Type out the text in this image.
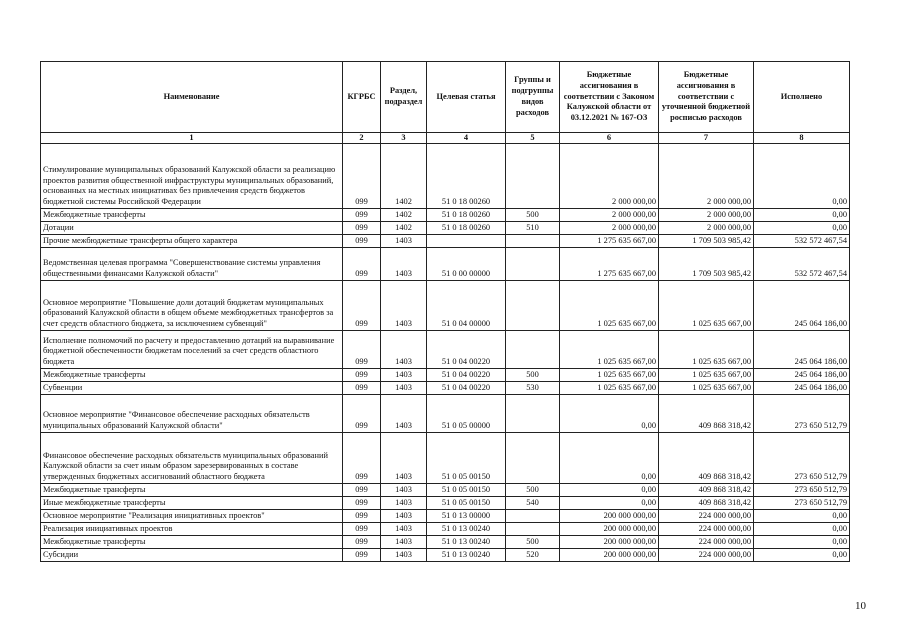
Наименование	КГРБС	Раздел, подраздел	Целевая статья	Группы и подгруппы видов расходов	Бюджетные ассигнования в соответствии с Законом Калужской области от 03.12.2021 № 167-ОЗ	Бюджетные ассигнования в соответствии с уточненной бюджетной росписью расходов	Исполнено
1	2	3	4	5	6	7	8
Стимулирование муниципальных образований Калужской области за реализацию проектов развития общественной инфраструктуры муниципальных образований, основанных на местных инициативах без привлечения средств бюджетов бюджетной системы Российской Федерации	099	1402	51 0 18 00260		2 000 000,00	2 000 000,00	0,00
Межбюджетные трансферты	099	1402	51 0 18 00260	500	2 000 000,00	2 000 000,00	0,00
Дотации	099	1402	51 0 18 00260	510	2 000 000,00	2 000 000,00	0,00
Прочие межбюджетные трансферты общего характера	099	1403			1 275 635 667,00	1 709 503 985,42	532 572 467,54
Ведомственная целевая программа "Совершенствование системы управления общественными финансами Калужской области"	099	1403	51 0 00 00000		1 275 635 667,00	1 709 503 985,42	532 572 467,54
Основное мероприятие "Повышение доли дотаций бюджетам муниципальных образований Калужской области в общем объеме межбюджетных трансфертов за счет средств областного бюджета, за исключением субвенций"	099	1403	51 0 04 00000		1 025 635 667,00	1 025 635 667,00	245 064 186,00
Исполнение полномочий по расчету и предоставлению дотаций на выравнивание бюджетной обеспеченности бюджетам поселений за счет средств областного бюджета	099	1403	51 0 04 00220		1 025 635 667,00	1 025 635 667,00	245 064 186,00
Межбюджетные трансферты	099	1403	51 0 04 00220	500	1 025 635 667,00	1 025 635 667,00	245 064 186,00
Субвенции	099	1403	51 0 04 00220	530	1 025 635 667,00	1 025 635 667,00	245 064 186,00
Основное мероприятие "Финансовое обеспечение расходных обязательств муниципальных образований Калужской области"	099	1403	51 0 05 00000		0,00	409 868 318,42	273 650 512,79
Финансовое обеспечение расходных обязательств муниципальных образований Калужской области за счет иным образом зарезервированных в составе утвержденных бюджетных ассигнований областного бюджета	099	1403	51 0 05 00150		0,00	409 868 318,42	273 650 512,79
Межбюджетные трансферты	099	1403	51 0 05 00150	500	0,00	409 868 318,42	273 650 512,79
Иные межбюджетные трансферты	099	1403	51 0 05 00150	540	0,00	409 868 318,42	273 650 512,79
Основное мероприятие "Реализация инициативных проектов"	099	1403	51 0 13 00000		200 000 000,00	224 000 000,00	0,00
Реализация инициативных проектов	099	1403	51 0 13 00240		200 000 000,00	224 000 000,00	0,00
Межбюджетные трансферты	099	1403	51 0 13 00240	500	200 000 000,00	224 000 000,00	0,00
Субсидии	099	1403	51 0 13 00240	520	200 000 000,00	224 000 000,00	0,00
10
